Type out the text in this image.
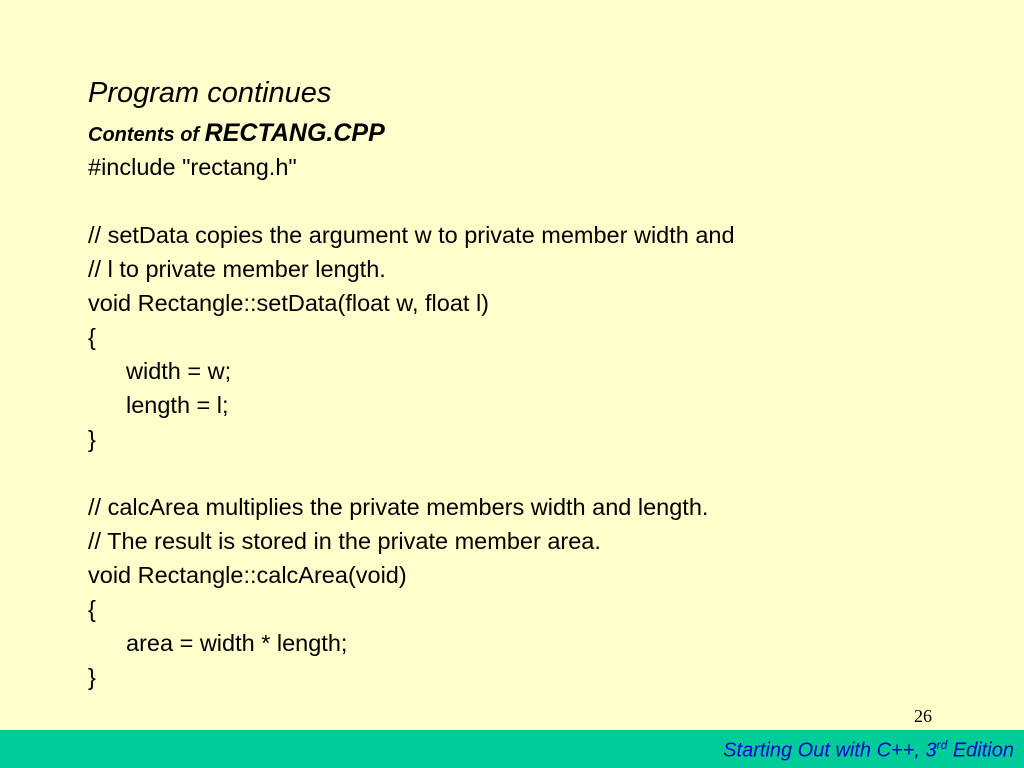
Program continues
Contents of RECTANG.CPP
#include "rectang.h"
// setData copies the argument w to private member width and
// l to private member length.
void Rectangle::setData(float w, float l)
{
width = w;
length = l;
}
// calcArea multiplies the private members width and length.
// The result is stored in the private member area.
void Rectangle::calcArea(void)
{
area = width * length;
}
26
Starting Out with C++, 3rd Edition
